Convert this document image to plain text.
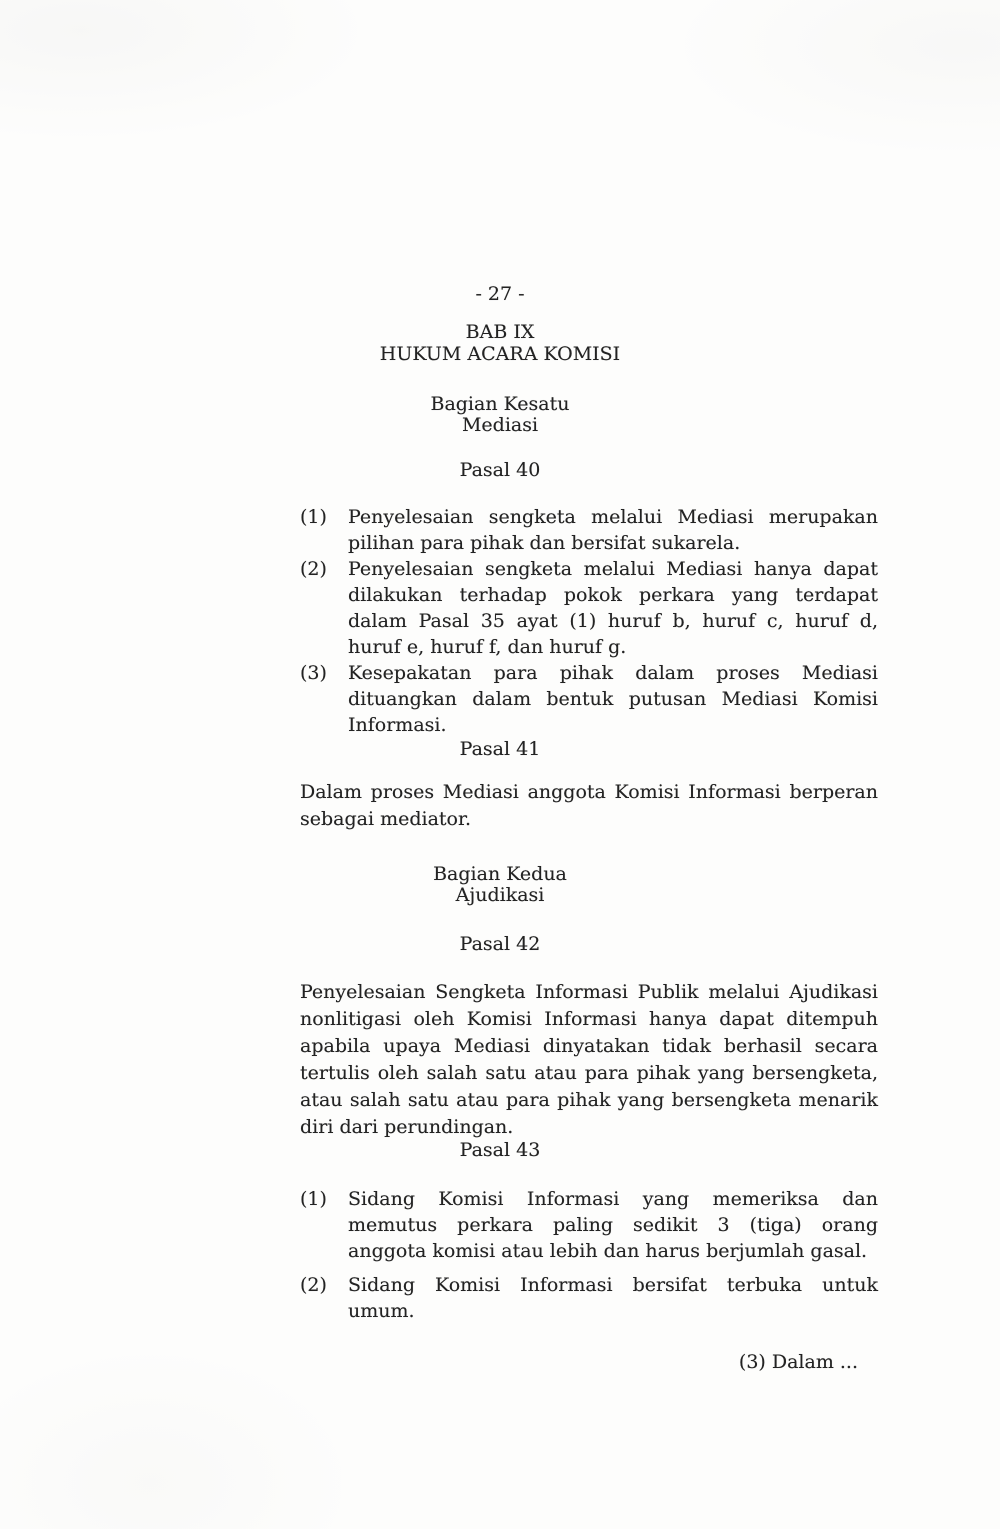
- 27 -
BAB IX
HUKUM ACARA KOMISI
Bagian Kesatu
Mediasi
Pasal 40
(1)	Penyelesaian sengketa melalui Mediasi merupakan pilihan para pihak dan bersifat sukarela.
(2)	Penyelesaian sengketa melalui Mediasi hanya dapat dilakukan terhadap pokok perkara yang terdapat dalam Pasal 35 ayat (1) huruf b, huruf c, huruf d, huruf e, huruf f, dan huruf g.
(3)	Kesepakatan para pihak dalam proses Mediasi dituangkan dalam bentuk putusan Mediasi Komisi Informasi.
Pasal 41
Dalam proses Mediasi anggota Komisi Informasi berperan sebagai mediator.
Bagian Kedua
Ajudikasi
Pasal 42
Penyelesaian Sengketa Informasi Publik melalui Ajudikasi nonlitigasi oleh Komisi Informasi hanya dapat ditempuh apabila upaya Mediasi dinyatakan tidak berhasil secara tertulis oleh salah satu atau para pihak yang bersengketa, atau salah satu atau para pihak yang bersengketa menarik diri dari perundingan.
Pasal 43
(1)	Sidang Komisi Informasi yang memeriksa dan memutus perkara paling sedikit 3 (tiga) orang anggota komisi atau lebih dan harus berjumlah gasal.
(2)	Sidang Komisi Informasi bersifat terbuka untuk umum.
(3) Dalam ...
